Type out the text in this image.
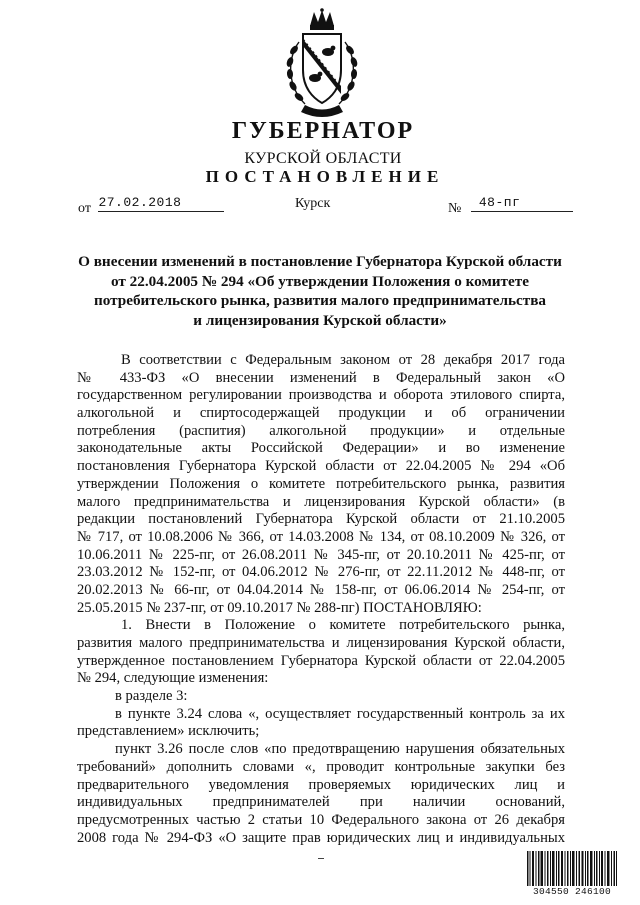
ГУБЕРНАТОР
КУРСКОЙ ОБЛАСТИ
ПОСТАНОВЛЕНИЕ
от 27.02.2018	Курск	№ 48-пг
О внесении изменений в постановление Губернатора Курской области
от 22.04.2005 № 294 «Об утверждении Положения о комитете
потребительского рынка, развития малого предпринимательства
и лицензирования Курской области»
В соответствии с Федеральным законом от 28 декабря 2017 года
№ 433-ФЗ «О внесении изменений в Федеральный закон «О
государственном регулировании производства и оборота этилового спирта,
алкогольной и спиртосодержащей продукции и об ограничении
потребления (распития) алкогольной продукции» и отдельные
законодательные акты Российской Федерации» и во изменение
постановления Губернатора Курской области от 22.04.2005 № 294 «Об
утверждении Положения о комитете потребительского рынка, развития
малого предпринимательства и лицензирования Курской области» (в
редакции постановлений Губернатора Курской области от 21.10.2005
№ 717, от 10.08.2006 № 366, от 14.03.2008 № 134, от 08.10.2009 № 326, от
10.06.2011 № 225-пг, от 26.08.2011 № 345-пг, от 20.10.2011 № 425-пг, от
23.03.2012 № 152-пг, от 04.06.2012 № 276-пг, от 22.11.2012 № 448-пг, от
20.02.2013 № 66-пг, от 04.04.2014 № 158-пг, от 06.06.2014 № 254-пг, от
25.05.2015 № 237-пг, от 09.10.2017 № 288-пг) ПОСТАНОВЛЯЮ:
1. Внести в Положение о комитете потребительского рынка,
развития малого предпринимательства и лицензирования Курской области,
утвержденное постановлением Губернатора Курской области от 22.04.2005
№ 294, следующие изменения:
в разделе 3:
в пункте 3.24 слова «, осуществляет государственный контроль за их
представлением» исключить;
пункт 3.26 после слов «по предотвращению нарушения обязательных
требований» дополнить словами «, проводит контрольные закупки без
предварительного уведомления проверяемых юридических лиц и
индивидуальных предпринимателей при наличии оснований,
предусмотренных частью 2 статьи 10 Федерального закона от 26 декабря
2008 года № 294-ФЗ «О защите прав юридических лиц и индивидуальных
304550 246100
